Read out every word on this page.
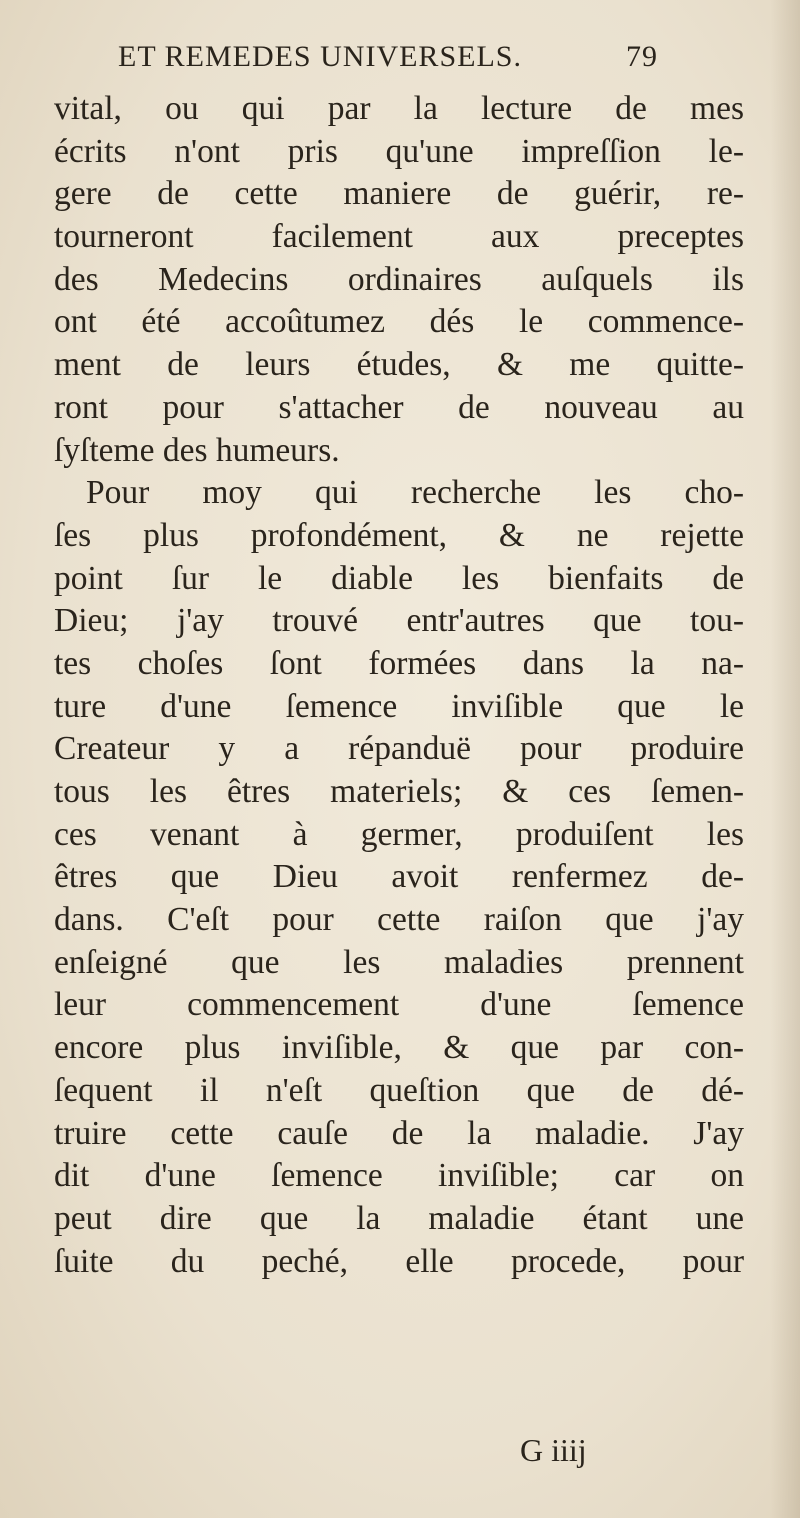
ET REMEDES UNIVERSELS.	79
vital, ou qui par la lecture de mes
écrits n'ont pris qu'une impreſſion le-
gere de cette maniere de guérir, re-
tourneront facilement aux preceptes
des Medecins ordinaires auſquels ils
ont été accoûtumez dés le commence-
ment de leurs études, & me quitte-
ront pour s'attacher de nouveau au
ſyſteme des humeurs.
Pour moy qui recherche les cho-
ſes plus profondément, & ne rejette
point ſur le diable les bienfaits de
Dieu; j'ay trouvé entr'autres que tou-
tes choſes ſont formées dans la na-
ture d'une ſemence inviſible que le
Createur y a répanduë pour produire
tous les êtres materiels; & ces ſemen-
ces venant à germer, produiſent les
êtres que Dieu avoit renfermez de-
dans. C'eſt pour cette raiſon que j'ay
enſeigné que les maladies prennent
leur commencement d'une ſemence
encore plus inviſible, & que par con-
ſequent il n'eſt queſtion que de dé-
truire cette cauſe de la maladie. J'ay
dit d'une ſemence inviſible; car on
peut dire que la maladie étant une
ſuite du peché, elle procede, pour
G iiij
